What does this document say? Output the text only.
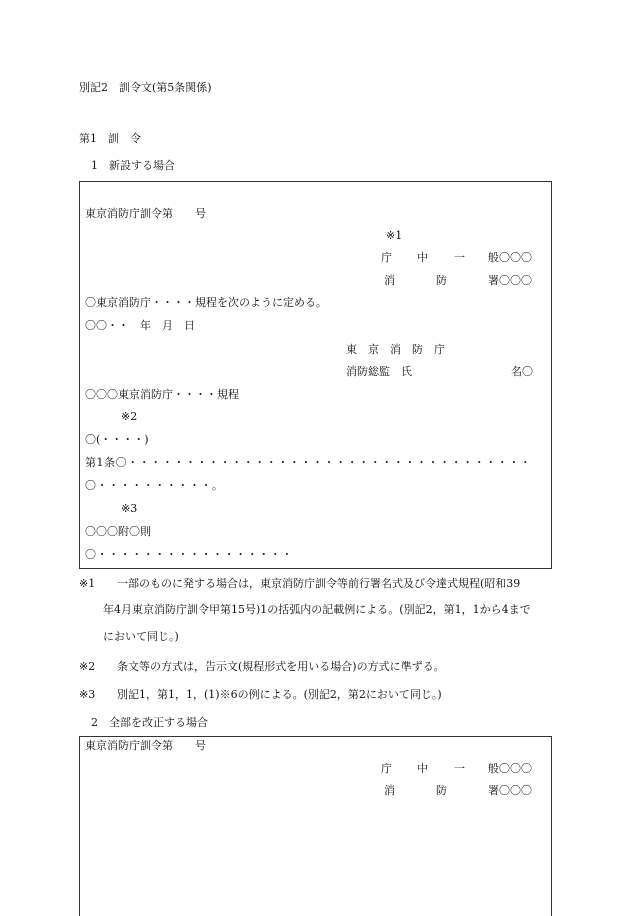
別記2　訓令文(第5条関係)
第1　訓　令
1　新設する場合
東京消防庁訓令第　　号
※1
庁 中 一 般〇〇〇
消	防	署〇〇〇
〇東京消防庁・・・・規程を次のように定める。
〇〇・・　年　月　日
東　京　消　防　庁
消防総監　氏	名〇
〇〇〇東京消防庁・・・・規程
※2
〇(・・・・)
第1条〇・・・・・・・・・・・・・・・・・・・・・・・・・・・・・・・・・・・
〇・・・・・・・・・・。
※3
〇〇〇附〇則
〇・・・・・・・・・・・・・・・・・
※1 一部のものに発する場合は，東京消防庁訓令等前行署名式及び令達式規程(昭和39
年4月東京消防庁訓令甲第15号)1の括弧内の記載例による。(別記2，第1，1から4まで
において同じ。)
※2 条文等の方式は，告示文(規程形式を用いる場合)の方式に準ずる。
※3 別記1，第1，1，(1)※6の例による。(別記2，第2において同じ。)
2　全部を改正する場合
東京消防庁訓令第　　号
庁 中 一 般〇〇〇
消	防	署〇〇〇
